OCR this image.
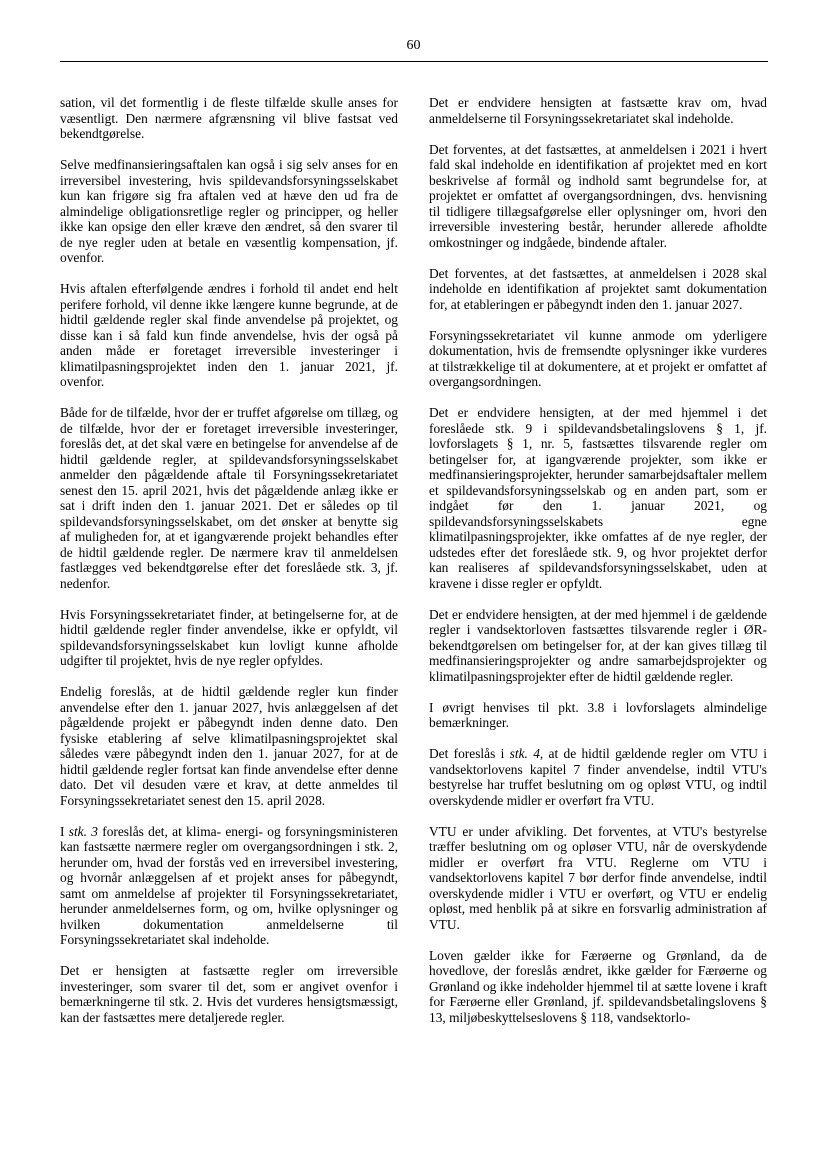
60

sation, vil det formentlig i de fleste tilfælde skulle anses for væsentligt. Den nærmere afgrænsning vil blive fastsat ved bekendtgørelse.

Selve medfinansieringsaftalen kan også i sig selv anses for en irreversibel investering, hvis spildevandsforsyningsselskabet kun kan frigøre sig fra aftalen ved at hæve den ud fra de almindelige obligationsretlige regler og principper, og heller ikke kan opsige den eller kræve den ændret, så den svarer til de nye regler uden at betale en væsentlig kompensation, jf. ovenfor.

Hvis aftalen efterfølgende ændres i forhold til andet end helt perifere forhold, vil denne ikke længere kunne begrunde, at de hidtil gældende regler skal finde anvendelse på projektet, og disse kan i så fald kun finde anvendelse, hvis der også på anden måde er foretaget irreversible investeringer i klimatilpasningsprojektet inden den 1. januar 2021, jf. ovenfor.

Både for de tilfælde, hvor der er truffet afgørelse om tillæg, og de tilfælde, hvor der er foretaget irreversible investeringer, foreslås det, at det skal være en betingelse for anvendelse af de hidtil gældende regler, at spildevandsforsyningsselskabet anmelder den pågældende aftale til Forsyningssekretariatet senest den 15. april 2021, hvis det pågældende anlæg ikke er sat i drift inden den 1. januar 2021. Det er således op til spildevandsforsyningsselskabet, om det ønsker at benytte sig af muligheden for, at et igangværende projekt behandles efter de hidtil gældende regler. De nærmere krav til anmeldelsen fastlægges ved bekendtgørelse efter det foreslåede stk. 3, jf. nedenfor.

Hvis Forsyningssekretariatet finder, at betingelserne for, at de hidtil gældende regler finder anvendelse, ikke er opfyldt, vil spildevandsforsyningsselskabet kun lovligt kunne afholde udgifter til projektet, hvis de nye regler opfyldes.

Endelig foreslås, at de hidtil gældende regler kun finder anvendelse efter den 1. januar 2027, hvis anlæggelsen af det pågældende projekt er påbegyndt inden denne dato. Den fysiske etablering af selve klimatilpasningsprojektet skal således være påbegyndt inden den 1. januar 2027, for at de hidtil gældende regler fortsat kan finde anvendelse efter denne dato. Det vil desuden være et krav, at dette anmeldes til Forsyningssekretariatet senest den 15. april 2028.

I stk. 3 foreslås det, at klima- energi- og forsyningsministeren kan fastsætte nærmere regler om overgangsordningen i stk. 2, herunder om, hvad der forstås ved en irreversibel investering, og hvornår anlæggelsen af et projekt anses for påbegyndt, samt om anmeldelse af projekter til Forsyningssekretariatet, herunder anmeldelsernes form, og om, hvilke oplysninger og hvilken dokumentation anmeldelserne til Forsyningssekretariatet skal indeholde.

Det er hensigten at fastsætte regler om irreversible investeringer, som svarer til det, som er angivet ovenfor i bemærkningerne til stk. 2. Hvis det vurderes hensigtsmæssigt, kan der fastsættes mere detaljerede regler.

Det er endvidere hensigten at fastsætte krav om, hvad anmeldelserne til Forsyningssekretariatet skal indeholde.

Det forventes, at det fastsættes, at anmeldelsen i 2021 i hvert fald skal indeholde en identifikation af projektet med en kort beskrivelse af formål og indhold samt begrundelse for, at projektet er omfattet af overgangsordningen, dvs. henvisning til tidligere tillægsafgørelse eller oplysninger om, hvori den irreversible investering består, herunder allerede afholdte omkostninger og indgåede, bindende aftaler.

Det forventes, at det fastsættes, at anmeldelsen i 2028 skal indeholde en identifikation af projektet samt dokumentation for, at etableringen er påbegyndt inden den 1. januar 2027.

Forsyningssekretariatet vil kunne anmode om yderligere dokumentation, hvis de fremsendte oplysninger ikke vurderes at tilstrækkelige til at dokumentere, at et projekt er omfattet af overgangsordningen.

Det er endvidere hensigten, at der med hjemmel i det foreslåede stk. 9 i spildevandsbetalingslovens § 1, jf. lovforslagets § 1, nr. 5, fastsættes tilsvarende regler om betingelser for, at igangværende projekter, som ikke er medfinansieringsprojekter, herunder samarbejdsaftaler mellem et spildevandsforsyningsselskab og en anden part, som er indgået før den 1. januar 2021, og spildevandsforsyningsselskabets egne klimatilpasningsprojekter, ikke omfattes af de nye regler, der udstedes efter det foreslåede stk. 9, og hvor projektet derfor kan realiseres af spildevandsforsyningsselskabet, uden at kravene i disse regler er opfyldt.

Det er endvidere hensigten, at der med hjemmel i de gældende regler i vandsektorloven fastsættes tilsvarende regler i ØR-bekendtgørelsen om betingelser for, at der kan gives tillæg til medfinansieringsprojekter og andre samarbejdsprojekter og klimatilpasningsprojekter efter de hidtil gældende regler.

I øvrigt henvises til pkt. 3.8 i lovforslagets almindelige bemærkninger.

Det foreslås i stk. 4, at de hidtil gældende regler om VTU i vandsektorlovens kapitel 7 finder anvendelse, indtil VTU's bestyrelse har truffet beslutning om og opløst VTU, og indtil overskydende midler er overført fra VTU.

VTU er under afvikling. Det forventes, at VTU's bestyrelse træffer beslutning om og opløser VTU, når de overskydende midler er overført fra VTU. Reglerne om VTU i vandsektorlovens kapitel 7 bør derfor finde anvendelse, indtil overskydende midler i VTU er overført, og VTU er endelig opløst, med henblik på at sikre en forsvarlig administration af VTU.

Loven gælder ikke for Færøerne og Grønland, da de hovedlove, der foreslås ændret, ikke gælder for Færøerne og Grønland og ikke indeholder hjemmel til at sætte lovene i kraft for Færøerne eller Grønland, jf. spildevandsbetalingslovens § 13, miljøbeskyttelseslovens § 118, vandsektorlo-
